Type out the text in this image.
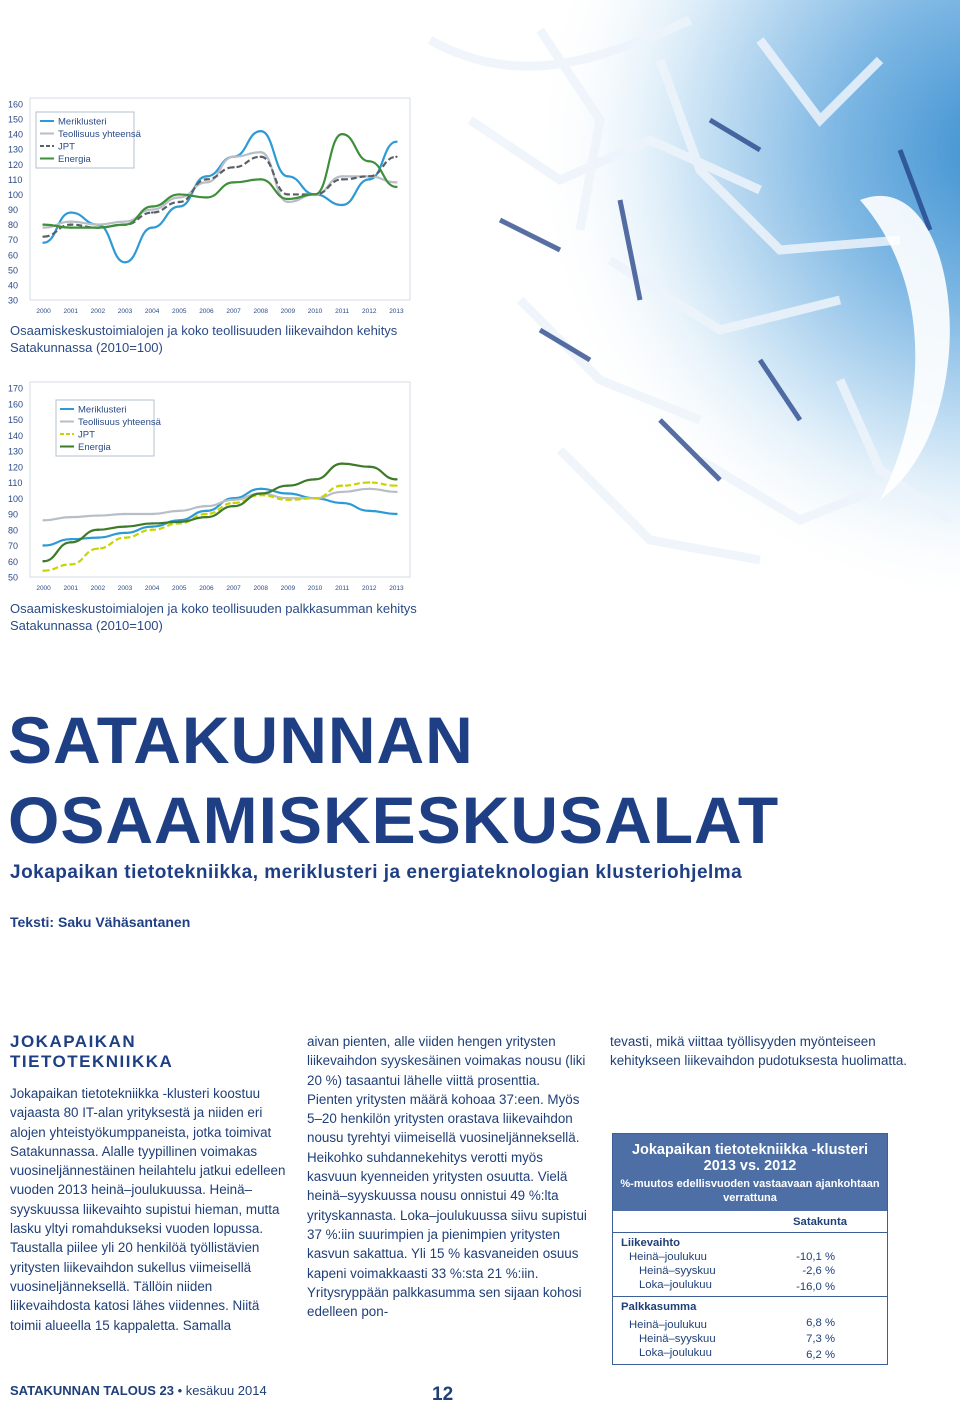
160
150
140
130
120
110
100
90
80
70
60
50
40
30
2000 2001 2002 2003 2004 2005 2006 2007 2008 2009 2010 2011 2012 2013
Meriklusteri
Teollisuus yhteensä
JPT
Energia
Osaamiskeskustoimialojen ja koko teollisuuden liikevaihdon kehitys Satakunnassa (2010=100)
170
160
150
140
130
120
110
100
90
80
70
60
50
2000 2001 2002 2003 2004 2005 2006 2007 2008 2009 2010 2011 2012 2013
Meriklusteri
Teollisuus yhteensä
JPT
Energia
Osaamiskeskustoimialojen ja koko teollisuuden palkkasumman kehitys Satakunnassa (2010=100)
SATAKUNNAN
OSAAMISKESKUSALAT
Jokapaikan tietotekniikka, meriklusteri ja energiateknologian klusteriohjelma
Teksti: Saku Vähäsantanen
JOKAPAIKAN
TIETOTEKNIIKKA

Jokapaikan tietotekniikka -klusteri koostuu vajaasta 80 IT-alan yrityksestä ja niiden eri alojen yhteistyökumppaneista, jotka toimivat Satakunnassa. Alalle tyypillinen voimakas vuosineljännestäinen heilahtelu jatkui edelleen vuoden 2013 heinä–joulukuussa. Heinä–syyskuussa liikevaihto supistui hieman, mutta lasku yltyi romahdukseksi vuoden lopussa. Taustalla piilee yli 20 henkilöä työllistävien yritysten liikevaihdon sukellus viimeisellä vuosineljänneksellä. Tällöin niiden liikevaihdosta katosi lähes viidennes. Niitä toimii alueella 15 kappaletta. Samalla

aivan pienten, alle viiden hengen yritysten liikevaihdon syyskesäinen voimakas nousu (liki 20 %) tasaantui lähelle viittä prosenttia. Pienten yritysten määrä kohoaa 37:een. Myös 5–20 henkilön yritysten orastava liikevaihdon nousu tyrehtyi viimeisellä vuosineljänneksellä. Heikohko suhdannekehitys verotti myös kasvuun kyenneiden yritysten osuutta. Vielä heinä–syyskuussa nousu onnistui 49 %:lta yrityskannasta. Loka–joulukuussa siivu supistui 37 %:iin suurimpien ja pienimpien yritysten kasvun sakattua. Yli 15 % kasvaneiden osuus kapeni voimakkaasti 33 %:sta 21 %:iin. Yritysryppään palkkasumma sen sijaan kohosi edelleen pon-

tevasti, mikä viittaa työllisyyden myönteiseen kehitykseen liikevaihdon pudotuksesta huolimatta.

Jokapaikan tietotekniikka -klusteri
2013 vs. 2012
%-muutos edellisvuoden vastaavaan ajankohtaan verrattuna
	Satakunta
Liikevaihto	
Heinä–joulukuu	-10,1 %
Heinä–syyskuu	-2,6 %
Loka–joulukuu	-16,0 %
Palkkasumma	
Heinä–joulukuu	6,8 %
Heinä–syyskuu	7,3 %
Loka–joulukuu	6,2 %
SATAKUNNAN TALOUS 23 • kesäkuu 2014	12
